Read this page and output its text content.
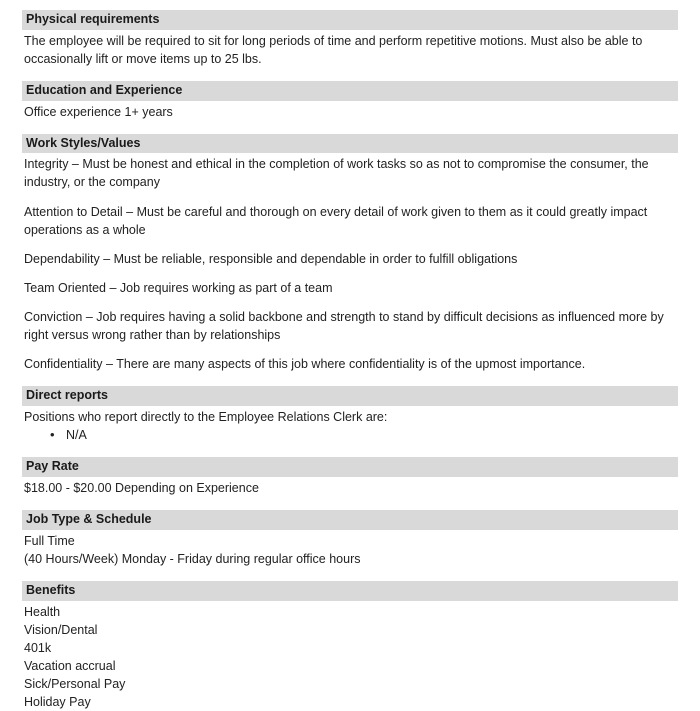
Physical requirements

The employee will be required to sit for long periods of time and perform repetitive motions. Must also be able to occasionally lift or move items up to 25 lbs.

Education and Experience

Office experience 1+ years

Work Styles/Values

Integrity – Must be honest and ethical in the completion of work tasks so as not to compromise the consumer, the industry, or the company

Attention to Detail – Must be careful and thorough on every detail of work given to them as it could greatly impact operations as a whole

Dependability – Must be reliable, responsible and dependable in order to fulfill obligations

Team Oriented – Job requires working as part of a team

Conviction – Job requires having a solid backbone and strength to stand by difficult decisions as influenced more by right versus wrong rather than by relationships

Confidentiality – There are many aspects of this job where confidentiality is of the upmost importance.

Direct reports

Positions who report directly to the Employee Relations Clerk are:

• N/A
Pay Rate

$18.00 - $20.00 Depending on Experience

Job Type & Schedule

Full Time

(40 Hours/Week) Monday - Friday during regular office hours

Benefits

Health

Vision/Dental

401k

Vacation accrual

Sick/Personal Pay

Holiday Pay
